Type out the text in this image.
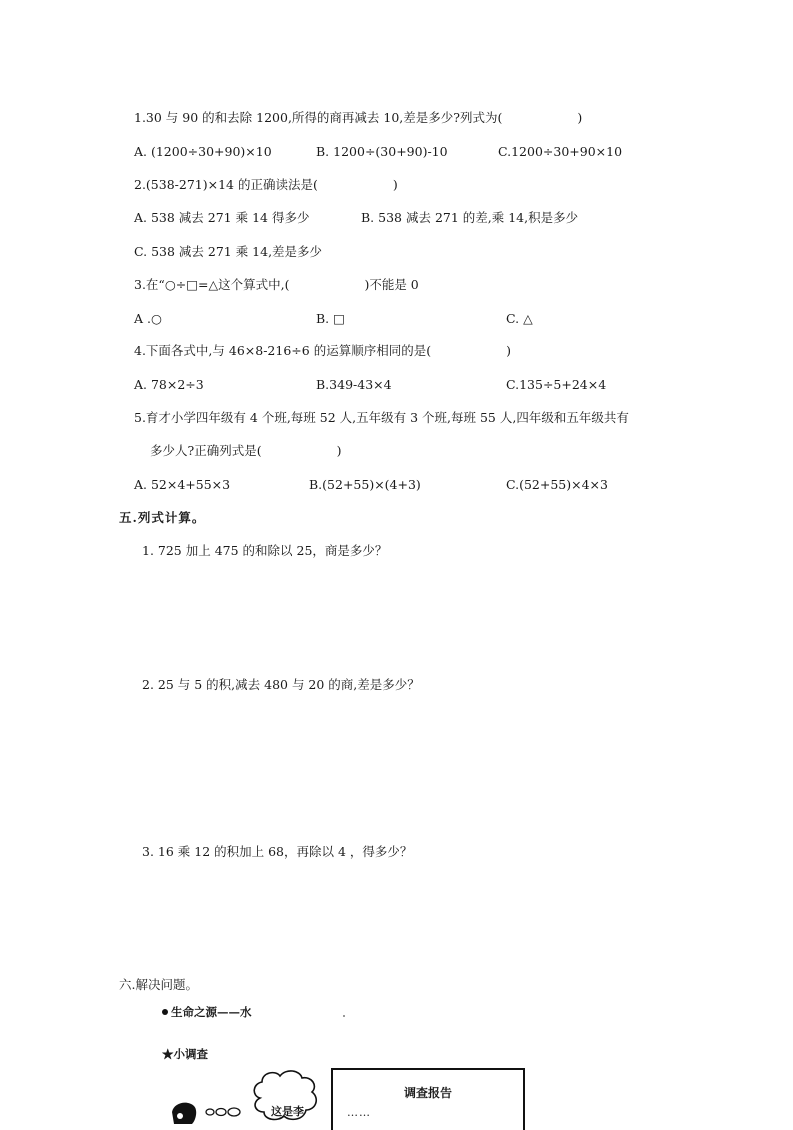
1.30 与 90 的和去除 1200,所得的商再减去 10,差是多少?列式为(　　　　　　)
A. (1200÷30+90)×10	B. 1200÷(30+90)-10	C.1200÷30+90×10
2.(538-271)×14 的正确读法是(　　　　　　)
A. 538 减去 271 乘 14 得多少	B. 538 减去 271 的差,乘 14,积是多少
C. 538 减去 271 乘 14,差是多少
3.在“○÷□=△这个算式中,(　　　　　　)不能是 0
A .○	B. □	C. △
4.下面各式中,与 46×8-216÷6 的运算顺序相同的是(　　　　　　)
A. 78×2÷3	B.349-43×4	C.135÷5+24×4
5.育才小学四年级有 4 个班,每班 52 人,五年级有 3 个班,每班 55 人,四年级和五年级共有
多少人?正确列式是(　　　　　　)
A. 52×4+55×3	B.(52+55)×(4+3)	C.(52+55)×4×3
五.列式计算。
1. 725 加上 475 的和除以 25，商是多少？
2. 25 与 5 的积,减去 480 与 20 的商,差是多少？
3. 16 乘 12 的积加上 68，再除以 4 ，得多少？
六.解决问题。
生命之源——水
★小调查
这是李
调查报告
……
